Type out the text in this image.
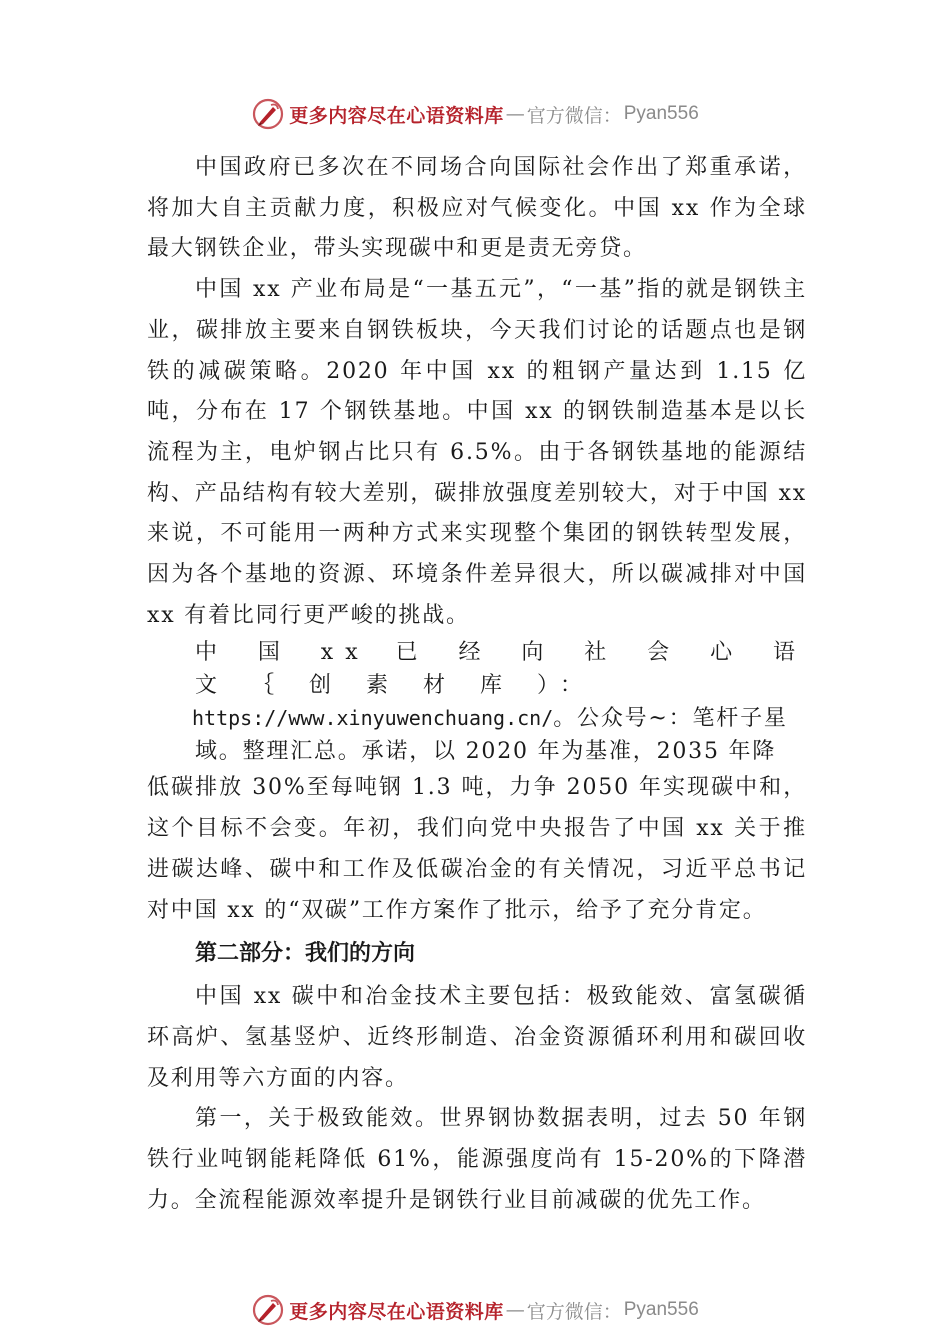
更多内容尽在心语资料库 — 官方微信： Pyan556

中国政府已多次在不同场合向国际社会作出了郑重承诺，将加大自主贡献力度，积极应对气候变化。中国 xx 作为全球最大钢铁企业，带头实现碳中和更是责无旁贷。

中国 xx 产业布局是“一基五元”，“一基”指的就是钢铁主业，碳排放主要来自钢铁板块，今天我们讨论的话题点也是钢铁的减碳策略。2020 年中国 xx 的粗钢产量达到 1.15 亿吨，分布在 17 个钢铁基地。中国 xx 的钢铁制造基本是以长流程为主，电炉钢占比只有 6.5%。由于各钢铁基地的能源结构、产品结构有较大差别，碳排放强度差别较大，对于中国 xx 来说，不可能用一两种方式来实现整个集团的钢铁转型发展，因为各个基地的资源、环境条件差异很大，所以碳减排对中国 xx 有着比同行更严峻的挑战。

中 国 xx 已 经 向 社 会 心 语 文 ｛ 创 素 材 库 ）：
https://www.xinyuwenchuang.cn/。公众号~：笔杆子星
域。整理汇总。承诺，以 2020 年为基准，2035 年降

低碳排放 30%至每吨钢 1.3 吨，力争 2050 年实现碳中和，这个目标不会变。年初，我们向党中央报告了中国 xx 关于推进碳达峰、碳中和工作及低碳冶金的有关情况，习近平总书记对中国 xx 的“双碳”工作方案作了批示，给予了充分肯定。

第二部分：我们的方向

中国 xx 碳中和冶金技术主要包括：极致能效、富氢碳循环高炉、氢基竖炉、近终形制造、冶金资源循环利用和碳回收及利用等六方面的内容。

第一，关于极致能效。世界钢协数据表明，过去 50 年钢铁行业吨钢能耗降低 61%，能源强度尚有 15-20%的下降潜力。全流程能源效率提升是钢铁行业目前减碳的优先工作。

更多内容尽在心语资料库 — 官方微信： Pyan556
